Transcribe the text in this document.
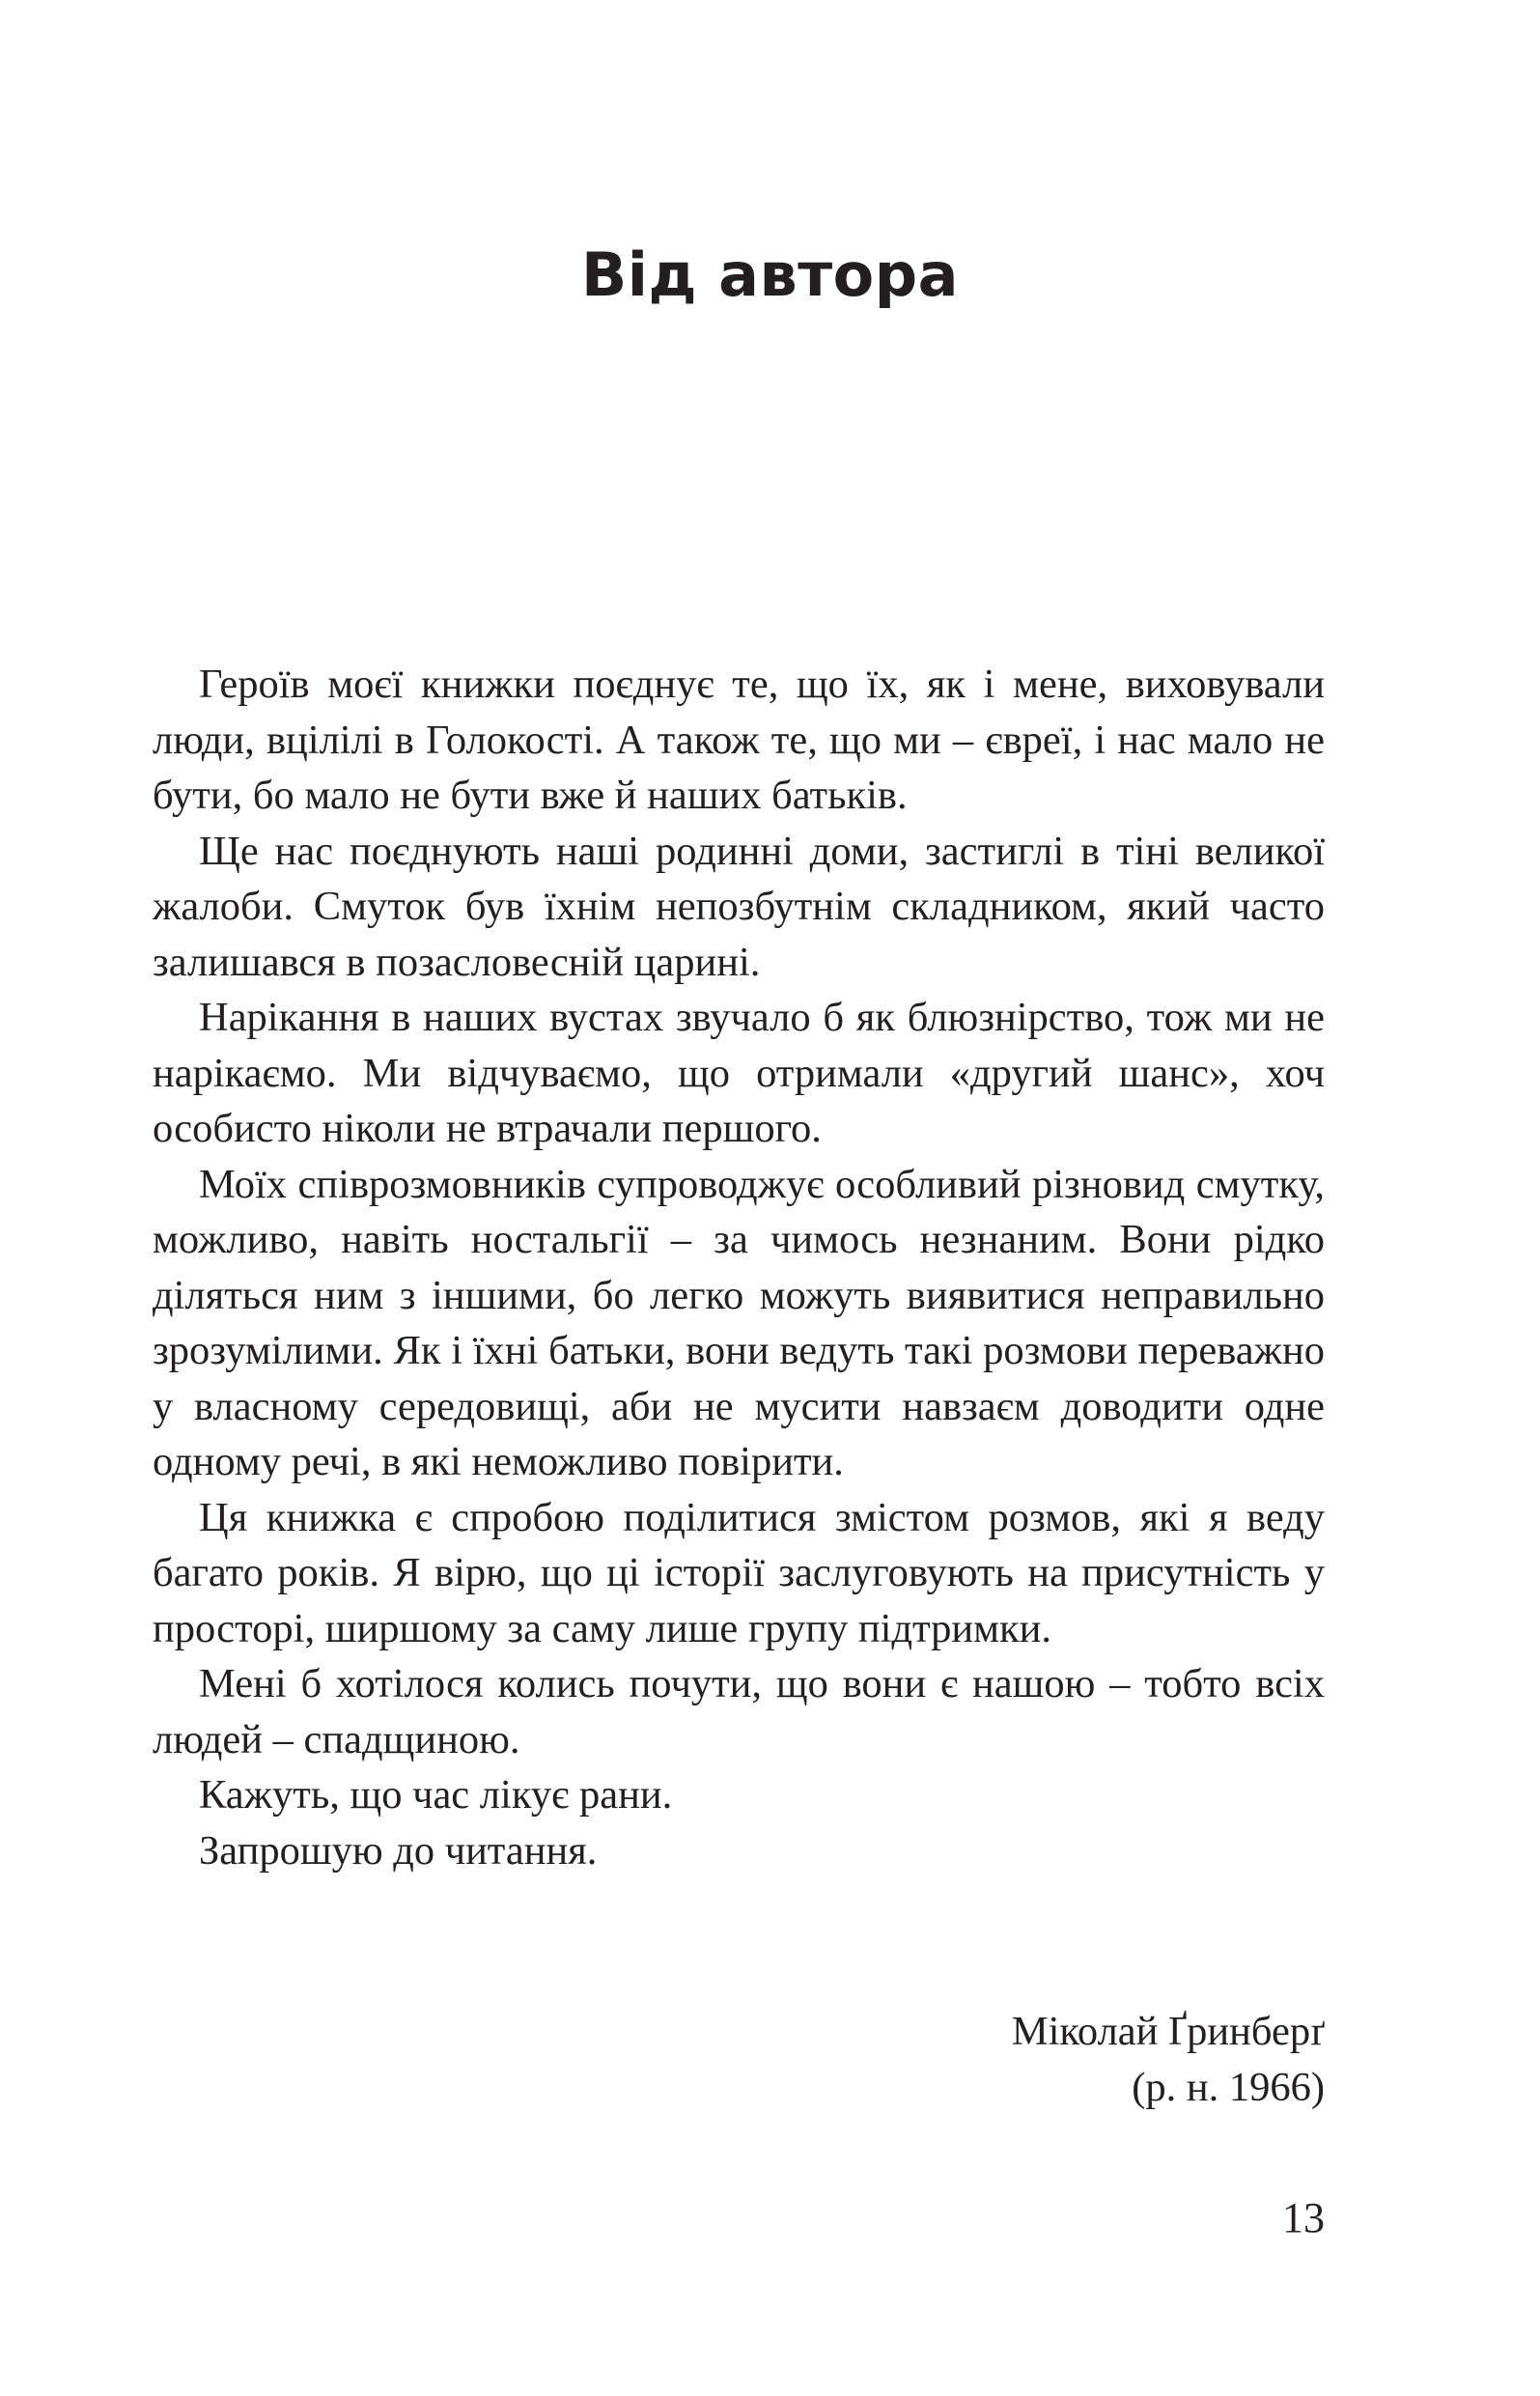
Від автора

Героїв моєї книжки поєднує те, що їх, як і мене, виховували люди, вцілілі в Голокості. А також те, що ми – євреї, і нас мало не бути, бо мало не бути вже й наших батьків.

Ще нас поєднують наші родинні доми, застиглі в тіні великої жалоби. Смуток був їхнім непозбутнім складником, який часто залишався в позасловесній царині.

Нарікання в наших вустах звучало б як блюзнірство, тож ми не нарікаємо. Ми відчуваємо, що отримали «другий шанс», хоч особисто ніколи не втрачали першого.

Моїх співрозмовників супроводжує особливий різновид смутку, можливо, навіть ностальгії – за чимось незнаним. Вони рідко діляться ним з іншими, бо легко можуть виявитися неправильно зрозумілими. Як і їхні батьки, вони ведуть такі розмови переважно у власному середовищі, аби не мусити навзаєм доводити одне одному речі, в які неможливо повірити.

Ця книжка є спробою поділитися змістом розмов, які я веду багато років. Я вірю, що ці історії заслуговують на присутність у просторі, ширшому за саму лише групу підтримки.

Мені б хотілося колись почути, що вони є нашою – тобто всіх людей – спадщиною.

Кажуть, що час лікує рани.

Запрошую до читання.

Міколай Ґринберґ
(р. н. 1966)
13
